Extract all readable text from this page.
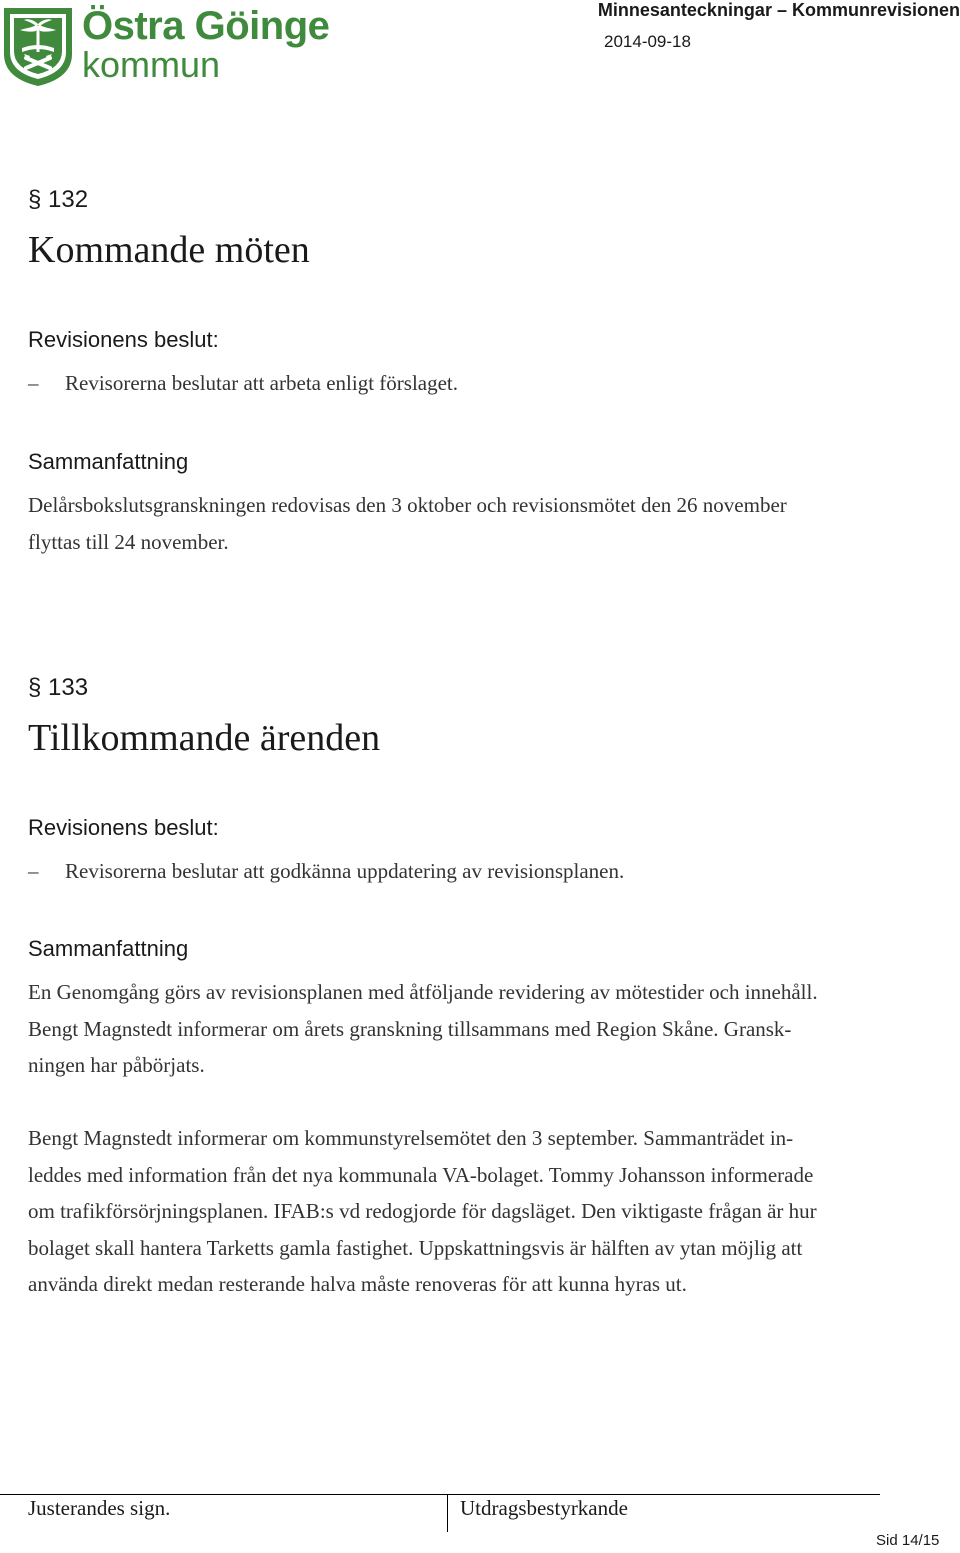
Östra Göinge
kommun
Minnesanteckningar – Kommunrevisionen
2014-09-18
§ 132
Kommande möten
Revisionens beslut:
– Revisorerna beslutar att arbeta enligt förslaget.
Sammanfattning

Delårsbokslutsgranskningen redovisas den 3 oktober och revisionsmötet den 26 november

flyttas till 24 november.

§ 133
Tillkommande ärenden
Revisionens beslut:
– Revisorerna beslutar att godkänna uppdatering av revisionsplanen.
Sammanfattning

En Genomgång görs av revisionsplanen med åtföljande revidering av mötestider och innehåll.

Bengt Magnstedt informerar om årets granskning tillsammans med Region Skåne. Gransk-

ningen har påbörjats.

Bengt Magnstedt informerar om kommunstyrelsemötet den 3 september. Sammanträdet in-

leddes med information från det nya kommunala VA-bolaget. Tommy Johansson informerade

om trafikförsörjningsplanen. IFAB:s vd redogjorde för dagsläget. Den viktigaste frågan är hur

bolaget skall hantera Tarketts gamla fastighet. Uppskattningsvis är hälften av ytan möjlig att

använda direkt medan resterande halva måste renoveras för att kunna hyras ut.

Justerandes sign.	Utdragsbestyrkande
Sid 14/15
